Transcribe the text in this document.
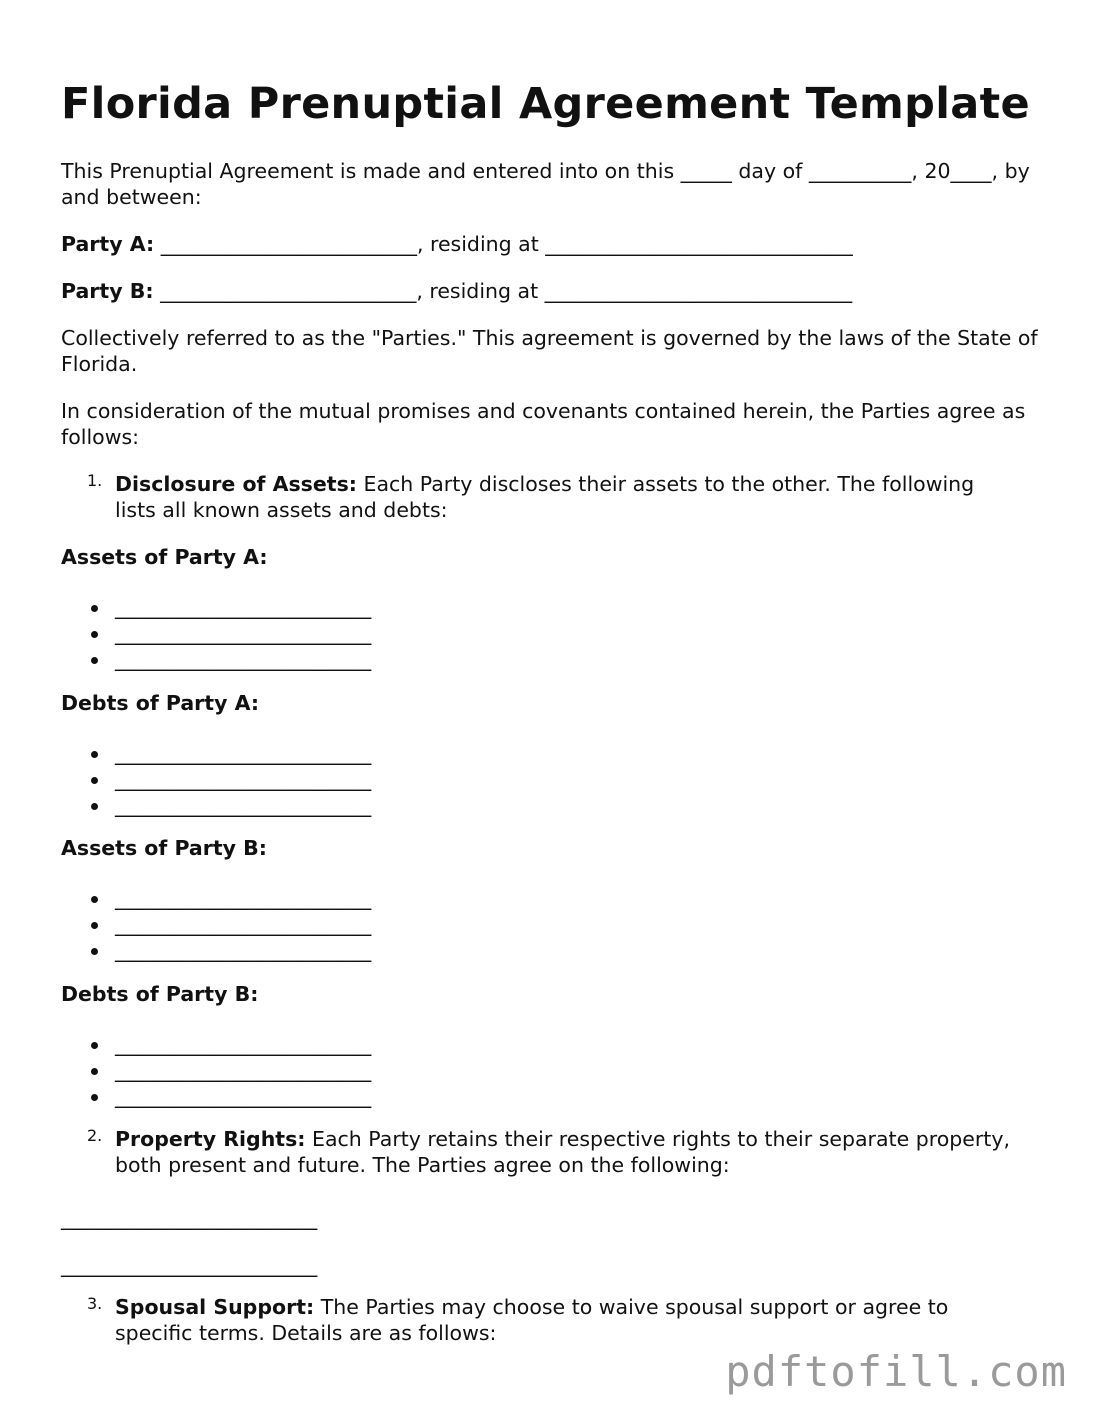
Florida Prenuptial Agreement Template

This Prenuptial Agreement is made and entered into on this _____ day of __________, 20____, by and between:

Party A: _________________________, residing at ______________________________

Party B: _________________________, residing at ______________________________

Collectively referred to as the "Parties." This agreement is governed by the laws of the State of Florida.

In consideration of the mutual promises and covenants contained herein, the Parties agree as follows:

1. Disclosure of Assets: Each Party discloses their assets to the other. The following lists all known assets and debts:

Assets of Party A:

_________________________
_________________________
_________________________

Debts of Party A:

_________________________
_________________________
_________________________

Assets of Party B:

_________________________
_________________________
_________________________

Debts of Party B:

_________________________
_________________________
_________________________
2. Property Rights: Each Party retains their respective rights to their separate property, both present and future. The Parties agree on the following:

_________________________

_________________________

3. Spousal Support: The Parties may choose to waive spousal support or agree to specific terms. Details are as follows:

pdftofill.com
